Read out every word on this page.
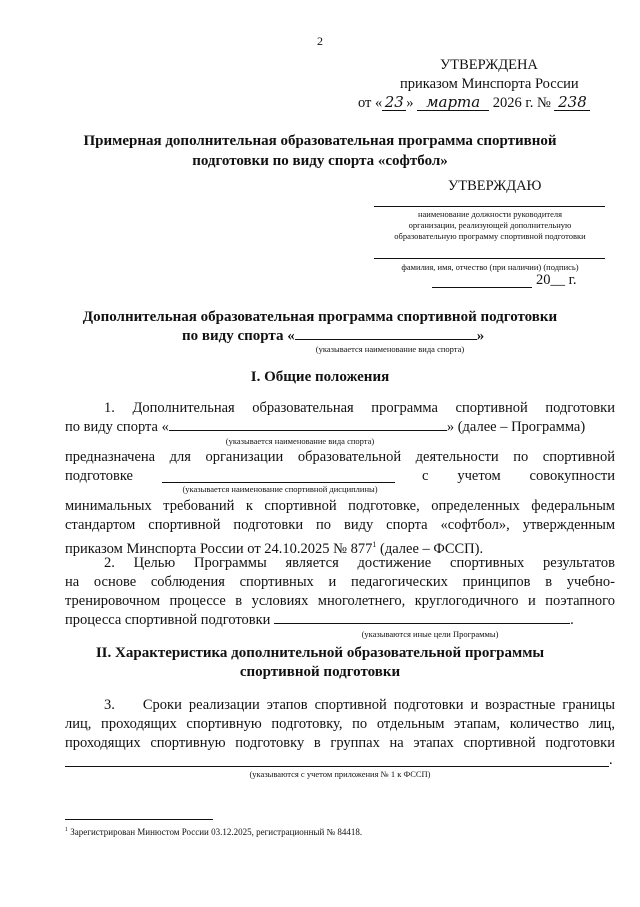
2
УТВЕРЖДЕНА
приказом Минспорта России
от « 23 » марта 2026 г. № 238
Примерная дополнительная образовательная программа спортивной
подготовки по виду спорта «софтбол»
УТВЕРЖДАЮ
наименование должности руководителя
организации, реализующей дополнительную
образовательную программу спортивной подготовки
фамилия, имя, отчество (при наличии) (подпись)
20__ г.
Дополнительная образовательная программа спортивной подготовки
по виду спорта «	»
(указывается наименование вида спорта)
I. Общие положения
1.    Дополнительная    образовательная    программа    спортивной    подготовки
по виду спорта «	» (далее – Программа)
(указывается наименование вида спорта)
предназначена для организации образовательной деятельности по спортивной
подготовке	с учетом совокупности
(указывается наименование спортивной дисциплины)
минимальных требований к спортивной подготовке, определенных федеральным
стандартом спортивной подготовки по виду спорта «софтбол», утвержденным
приказом Минспорта России от 24.10.2025 № $877^1$ (далее – ФССП).
2.    Целью    Программы    является    достижение    спортивных    результатов
на основе соблюдения спортивных и педагогических принципов в учебно-
тренировочном процессе в условиях многолетнего, круглогодичного и поэтапного
процесса спортивной подготовки	.
(указываются иные цели Программы)
II. Характеристика дополнительной образовательной программы
спортивной подготовки
3.    Сроки реализации этапов спортивной подготовки и возрастные границы
лиц, проходящих спортивную подготовку, по отдельным этапам, количество лиц,
проходящих спортивную подготовку в группах на этапах спортивной подготовки
.
(указываются с учетом приложения № 1 к ФССП)
$^1$ Зарегистрирован Минюстом России 03.12.2025, регистрационный № 84418.
